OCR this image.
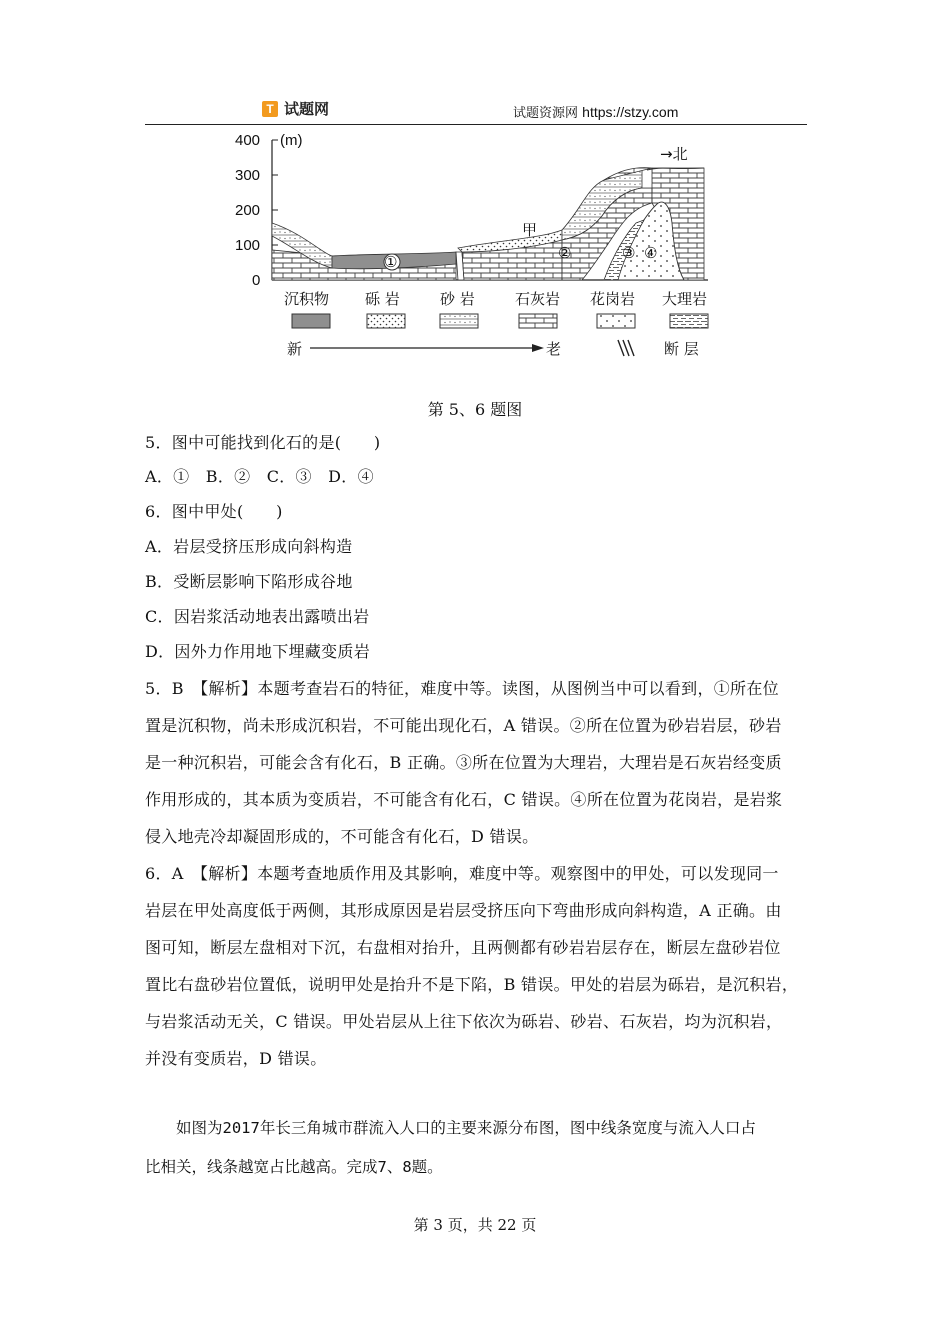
T 试题网	试题资源网 https://stzy.com
400
300
200
100
0
(m)
→北
①
甲
②	③ ④
沉积物 砾 岩	砂 岩	石灰岩 花岗岩 大理岩
新	老	断 层
第 5、6 题图
5．图中可能找到化石的是(　　)
A．①　B．②　C．③　D．④
6．图中甲处(　　)
A．岩层受挤压形成向斜构造
B．受断层影响下陷形成谷地
C．因岩浆活动地表出露喷出岩
D．因外力作用地下埋藏变质岩
5．B　【解析】本题考查岩石的特征，难度中等。读图，从图例当中可以看到，①所在位
置是沉积物，尚未形成沉积岩，不可能出现化石，A 错误。②所在位置为砂岩岩层，砂岩
是一种沉积岩，可能会含有化石，B 正确。③所在位置为大理岩，大理岩是石灰岩经变质
作用形成的，其本质为变质岩，不可能含有化石，C 错误。④所在位置为花岗岩，是岩浆
侵入地壳冷却凝固形成的，不可能含有化石，D 错误。
6．A　【解析】本题考查地质作用及其影响，难度中等。观察图中的甲处，可以发现同一
岩层在甲处高度低于两侧，其形成原因是岩层受挤压向下弯曲形成向斜构造，A 正确。由
图可知，断层左盘相对下沉，右盘相对抬升，且两侧都有砂岩岩层存在，断层左盘砂岩位
置比右盘砂岩位置低，说明甲处是抬升不是下陷，B 错误。甲处的岩层为砾岩，是沉积岩，
与岩浆活动无关，C 错误。甲处岩层从上往下依次为砾岩、砂岩、石灰岩，均为沉积岩，
并没有变质岩，D 错误。
　　如图为2017年长三角城市群流入人口的主要来源分布图，图中线条宽度与流入人口占
比相关，线条越宽占比越高。完成7、8题。
第 3 页，共 22 页
